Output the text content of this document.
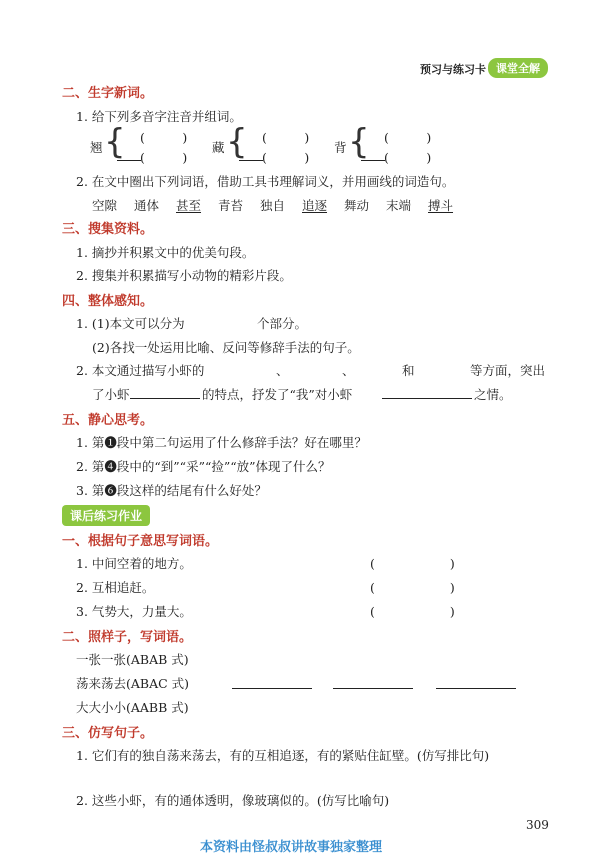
预习与练习卡 课堂全解
二、生字新词。
1. 给下列多音字注音并组词。
翘 { (　　　)
(　　　)
藏 { (　　　)
(　　　)
背 { (　　　)
(　　　)
2. 在文中圈出下列词语，借助工具书理解词义，并用画线的词造句。
空隙 通体 甚至 青苔 独自 追逐 舞动 末端 搏斗
三、搜集资料。
1. 摘抄并积累文中的优美句段。
2. 搜集并积累描写小动物的精彩片段。
四、整体感知。
1. (1)本文可以分为	个部分。
(2)各找一处运用比喻、反问等修辞手法的句子。
2. 本文通过描写小虾的	、	、	和	等方面，突出
了小虾	的特点，抒发了“我”对小虾	之情。
五、静心思考。
1. 第❶段中第二句运用了什么修辞手法？好在哪里？
2. 第❹段中的“到”“采”“捡”“放”体现了什么？
3. 第❻段这样的结尾有什么好处？
课后练习作业
一、根据句子意思写词语。
1. 中间空着的地方。	(　　　　　　)
2. 互相追赶。	(　　　　　　)
3. 气势大，力量大。	(　　　　　　)
二、照样子，写词语。
一张一张(ABAB 式)
荡来荡去(ABAC 式)
大大小小(AABB 式)
三、仿写句子。
1. 它们有的独自荡来荡去，有的互相追逐，有的紧贴住缸壁。(仿写排比句)
2. 这些小虾，有的通体透明，像玻璃似的。(仿写比喻句)
309
本资料由怪叔叔讲故事独家整理
